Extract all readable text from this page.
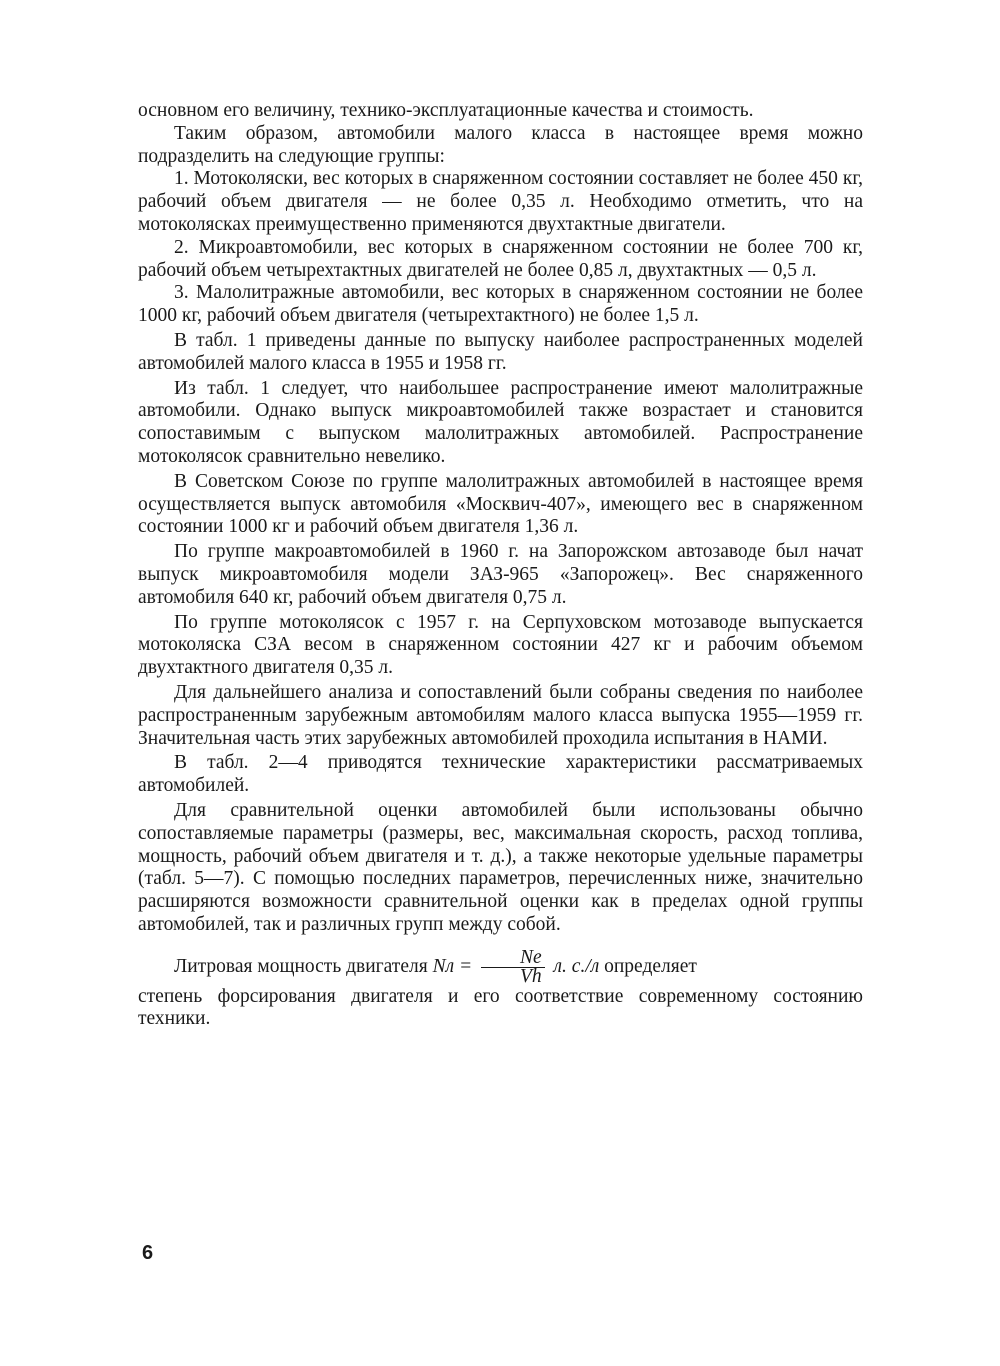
основном его величину, технико-эксплуатационные качества и стоимость.

Таким образом, автомобили малого класса в настоящее время можно подразделить на следующие группы:

1. Мотоколяски, вес которых в снаряженном состоянии составляет не более 450 кг, рабочий объем двигателя — не более 0,35 л. Необходимо отметить, что на мотоколясках преимущественно применяются двухтактные двигатели.

2. Микроавтомобили, вес которых в снаряженном состоянии не более 700 кг, рабочий объем четырехтактных двигателей не более 0,85 л, двухтактных — 0,5 л.

3. Малолитражные автомобили, вес которых в снаряженном состоянии не более 1000 кг, рабочий объем двигателя (четырехтактного) не более 1,5 л.

В табл. 1 приведены данные по выпуску наиболее распространенных моделей автомобилей малого класса в 1955 и 1958 гг.

Из табл. 1 следует, что наибольшее распространение имеют малолитражные автомобили. Однако выпуск микроавтомобилей также возрастает и становится сопоставимым с выпуском малолитражных автомобилей. Распространение мотоколясок сравнительно невелико.

В Советском Союзе по группе малолитражных автомобилей в настоящее время осуществляется выпуск автомобиля «Москвич-407», имеющего вес в снаряженном состоянии 1000 кг и рабочий объем двигателя 1,36 л.

По группе макроавтомобилей в 1960 г. на Запорожском автозаводе был начат выпуск микроавтомобиля модели ЗАЗ-965 «Запорожец». Вес снаряженного автомобиля 640 кг, рабочий объем двигателя 0,75 л.

По группе мотоколясок с 1957 г. на Серпуховском мотозаводе выпускается мотоколяска СЗА весом в снаряженном состоянии 427 кг и рабочим объемом двухтактного двигателя 0,35 л.

Для дальнейшего анализа и сопоставлений были собраны сведения по наиболее распространенным зарубежным автомобилям малого класса выпуска 1955—1959 гг. Значительная часть этих зарубежных автомобилей проходила испытания в НАМИ.

В табл. 2—4 приводятся технические характеристики рассматриваемых автомобилей.

Для сравнительной оценки автомобилей были использованы обычно сопоставляемые параметры (размеры, вес, максимальная скорость, расход топлива, мощность, рабочий объем двигателя и т. д.), а также некоторые удельные параметры (табл. 5—7). С помощью последних параметров, перечисленных ниже, значительно расширяются возможности сравнительной оценки как в пределах одной группы автомобилей, так и различных групп между собой.

Литровая мощность двигателя Nл = $\frac{Ne}{Vh} л$. с./л определяет

степень форсирования двигателя и его соответствие современному состоянию техники.

6
